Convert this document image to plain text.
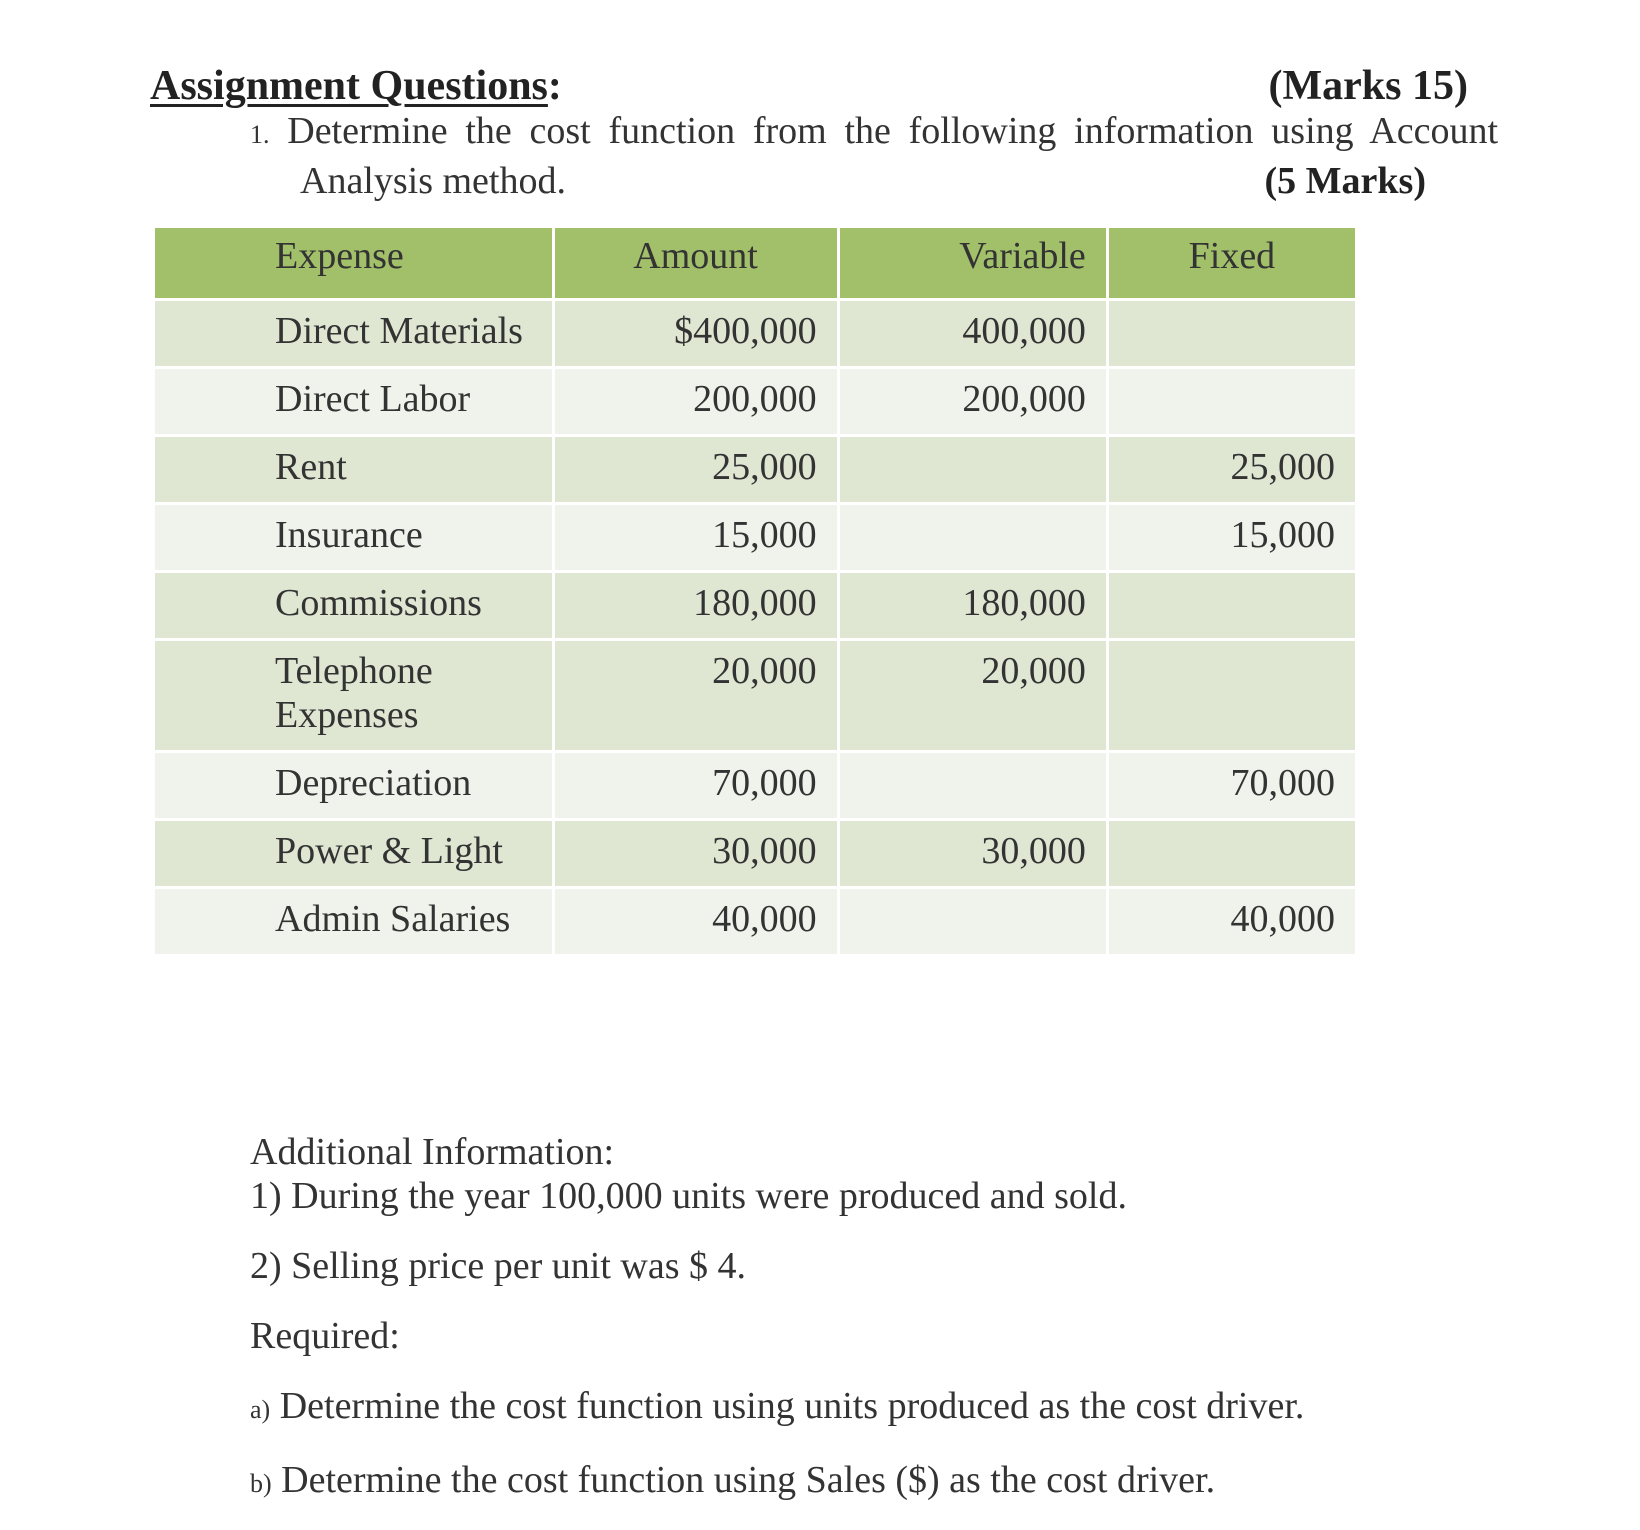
Assignment Questions:	(Marks 15)
1. Determine the cost function from the following information using Account
Analysis method.	(5 Marks)
Expense	Amount	Variable	Fixed
Direct Materials	$400,000	400,000	
Direct Labor	200,000	200,000	
Rent	25,000		25,000
Insurance	15,000		15,000
Commissions	180,000	180,000	

Telephone
Expenses	20,000	20,000	
Depreciation	70,000		70,000
Power & Light	30,000	30,000	
Admin Salaries	40,000		40,000

Additional Information:

1) During the year 100,000 units were produced and sold.

2) Selling price per unit was $ 4.

Required:

a) Determine the cost function using units produced as the cost driver.

b) Determine the cost function using Sales ($) as the cost driver.
